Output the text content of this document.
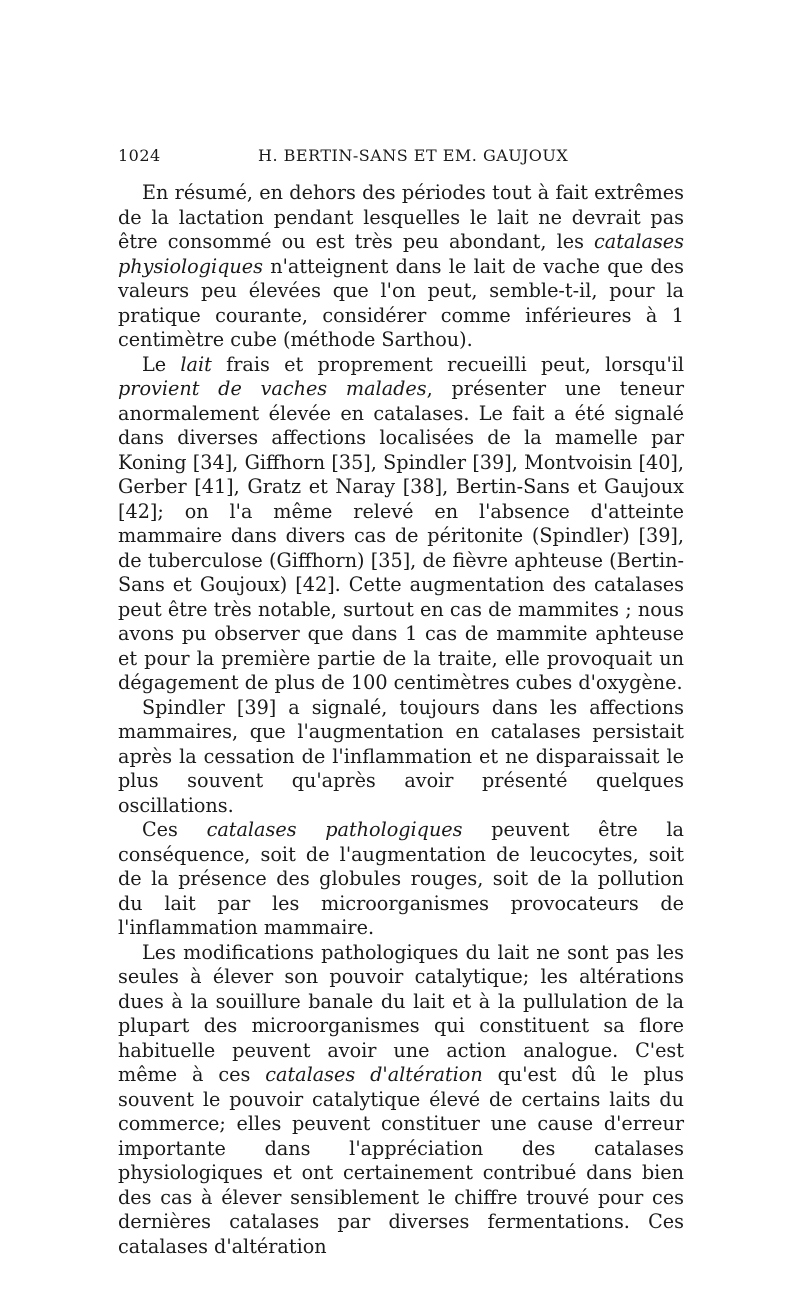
1024	H. BERTIN-SANS ET EM. GAUJOUX

En résumé, en dehors des périodes tout à fait extrêmes de la lactation pendant lesquelles le lait ne devrait pas être consommé ou est très peu abondant, les catalases physiologiques n'atteignent dans le lait de vache que des valeurs peu élevées que l'on peut, semble-t-il, pour la pratique courante, considérer comme inférieures à 1 centimètre cube (méthode Sarthou).

Le lait frais et proprement recueilli peut, lorsqu'il provient de vaches malades, présenter une teneur anormalement élevée en catalases. Le fait a été signalé dans diverses affections localisées de la mamelle par Koning [34], Giffhorn [35], Spindler [39], Montvoisin [40], Gerber [41], Gratz et Naray [38], Bertin-Sans et Gaujoux [42]; on l'a même relevé en l'absence d'atteinte mammaire dans divers cas de péritonite (Spindler) [39], de tuberculose (Giffhorn) [35], de fièvre aphteuse (Bertin-Sans et Goujoux) [42]. Cette augmentation des catalases peut être très notable, surtout en cas de mammites ; nous avons pu observer que dans 1 cas de mammite aphteuse et pour la première partie de la traite, elle provoquait un dégagement de plus de 100 centimètres cubes d'oxygène.

Spindler [39] a signalé, toujours dans les affections mammaires, que l'augmentation en catalases persistait après la cessation de l'inflammation et ne disparaissait le plus souvent qu'après avoir présenté quelques oscillations.

Ces catalases pathologiques peuvent être la conséquence, soit de l'augmentation de leucocytes, soit de la présence des globules rouges, soit de la pollution du lait par les microorganismes provocateurs de l'inflammation mammaire.

Les modifications pathologiques du lait ne sont pas les seules à élever son pouvoir catalytique; les altérations dues à la souillure banale du lait et à la pullulation de la plupart des microorganismes qui constituent sa flore habituelle peuvent avoir une action analogue. C'est même à ces catalases d'altération qu'est dû le plus souvent le pouvoir catalytique élevé de certains laits du commerce; elles peuvent constituer une cause d'erreur importante dans l'appréciation des catalases physiologiques et ont certainement contribué dans bien des cas à élever sensiblement le chiffre trouvé pour ces dernières catalases par diverses fermentations. Ces catalases d'altération
